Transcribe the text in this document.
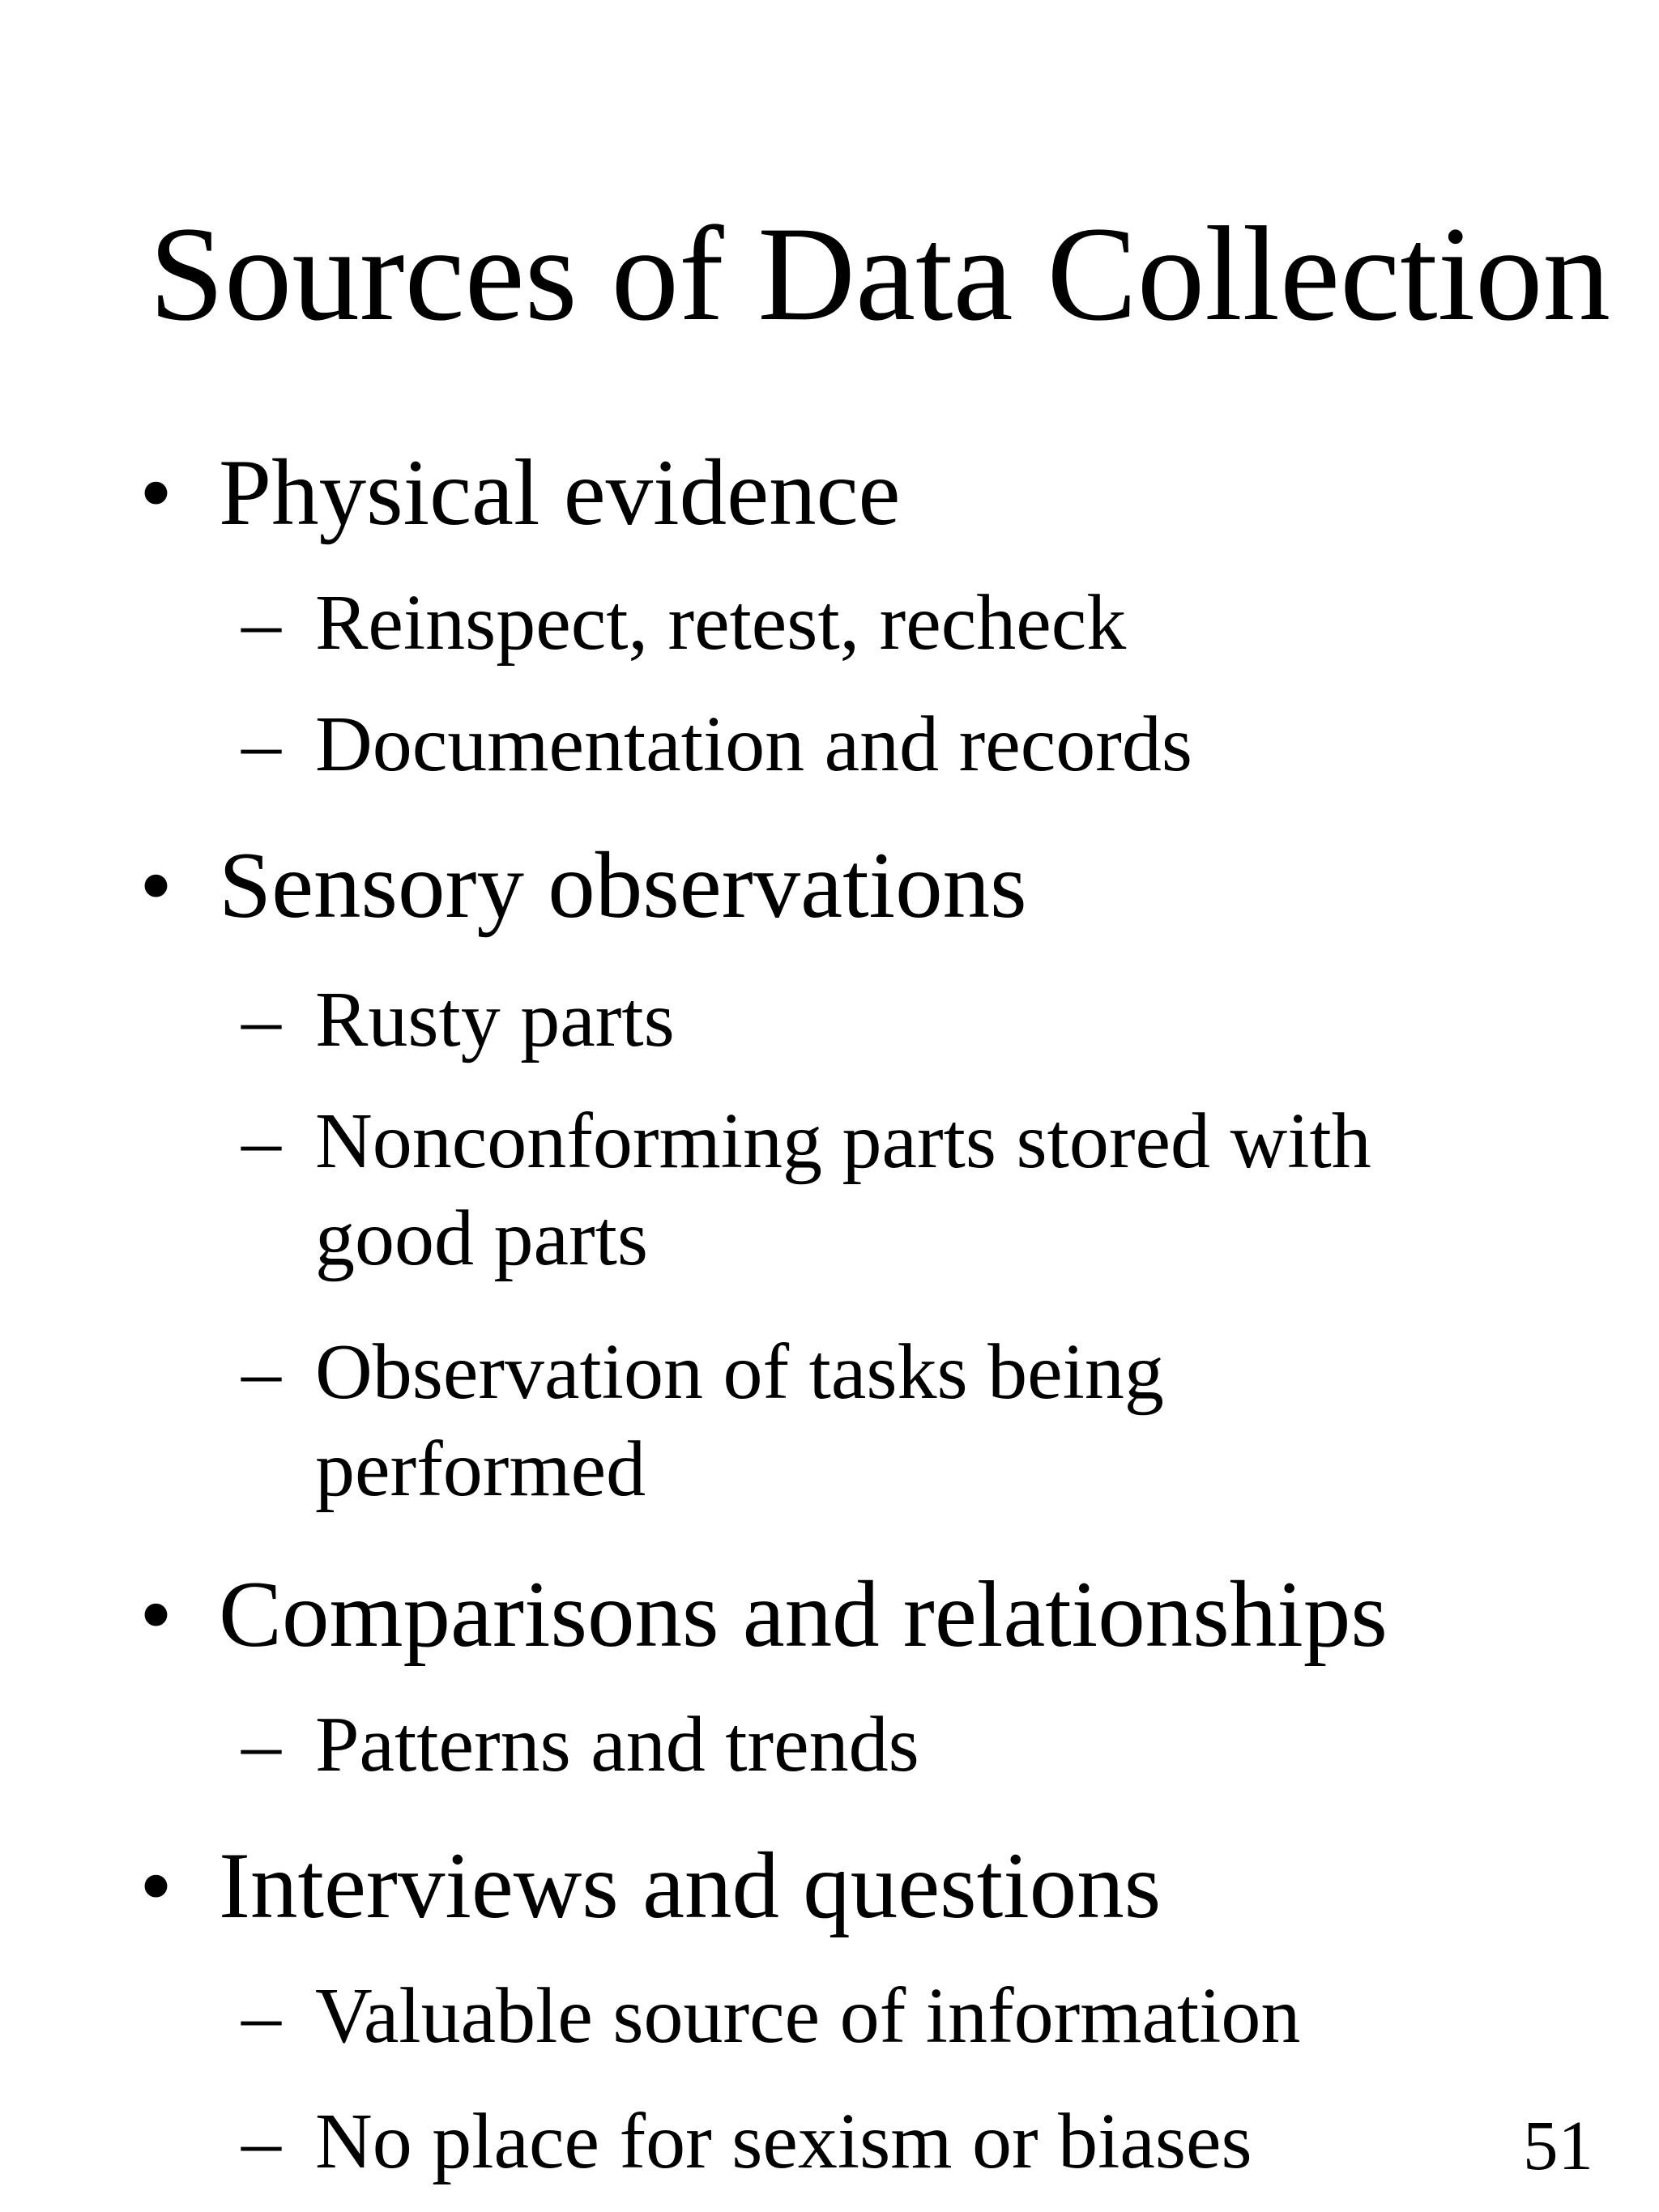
Sources of Data Collection
• Physical evidence
– Reinspect, retest, recheck
– Documentation and records
• Sensory observations
– Rusty parts
– Nonconforming parts stored with
good parts
– Observation of tasks being
performed
• Comparisons and relationships
– Patterns and trends
• Interviews and questions
– Valuable source of information
– No place for sexism or biases	51
